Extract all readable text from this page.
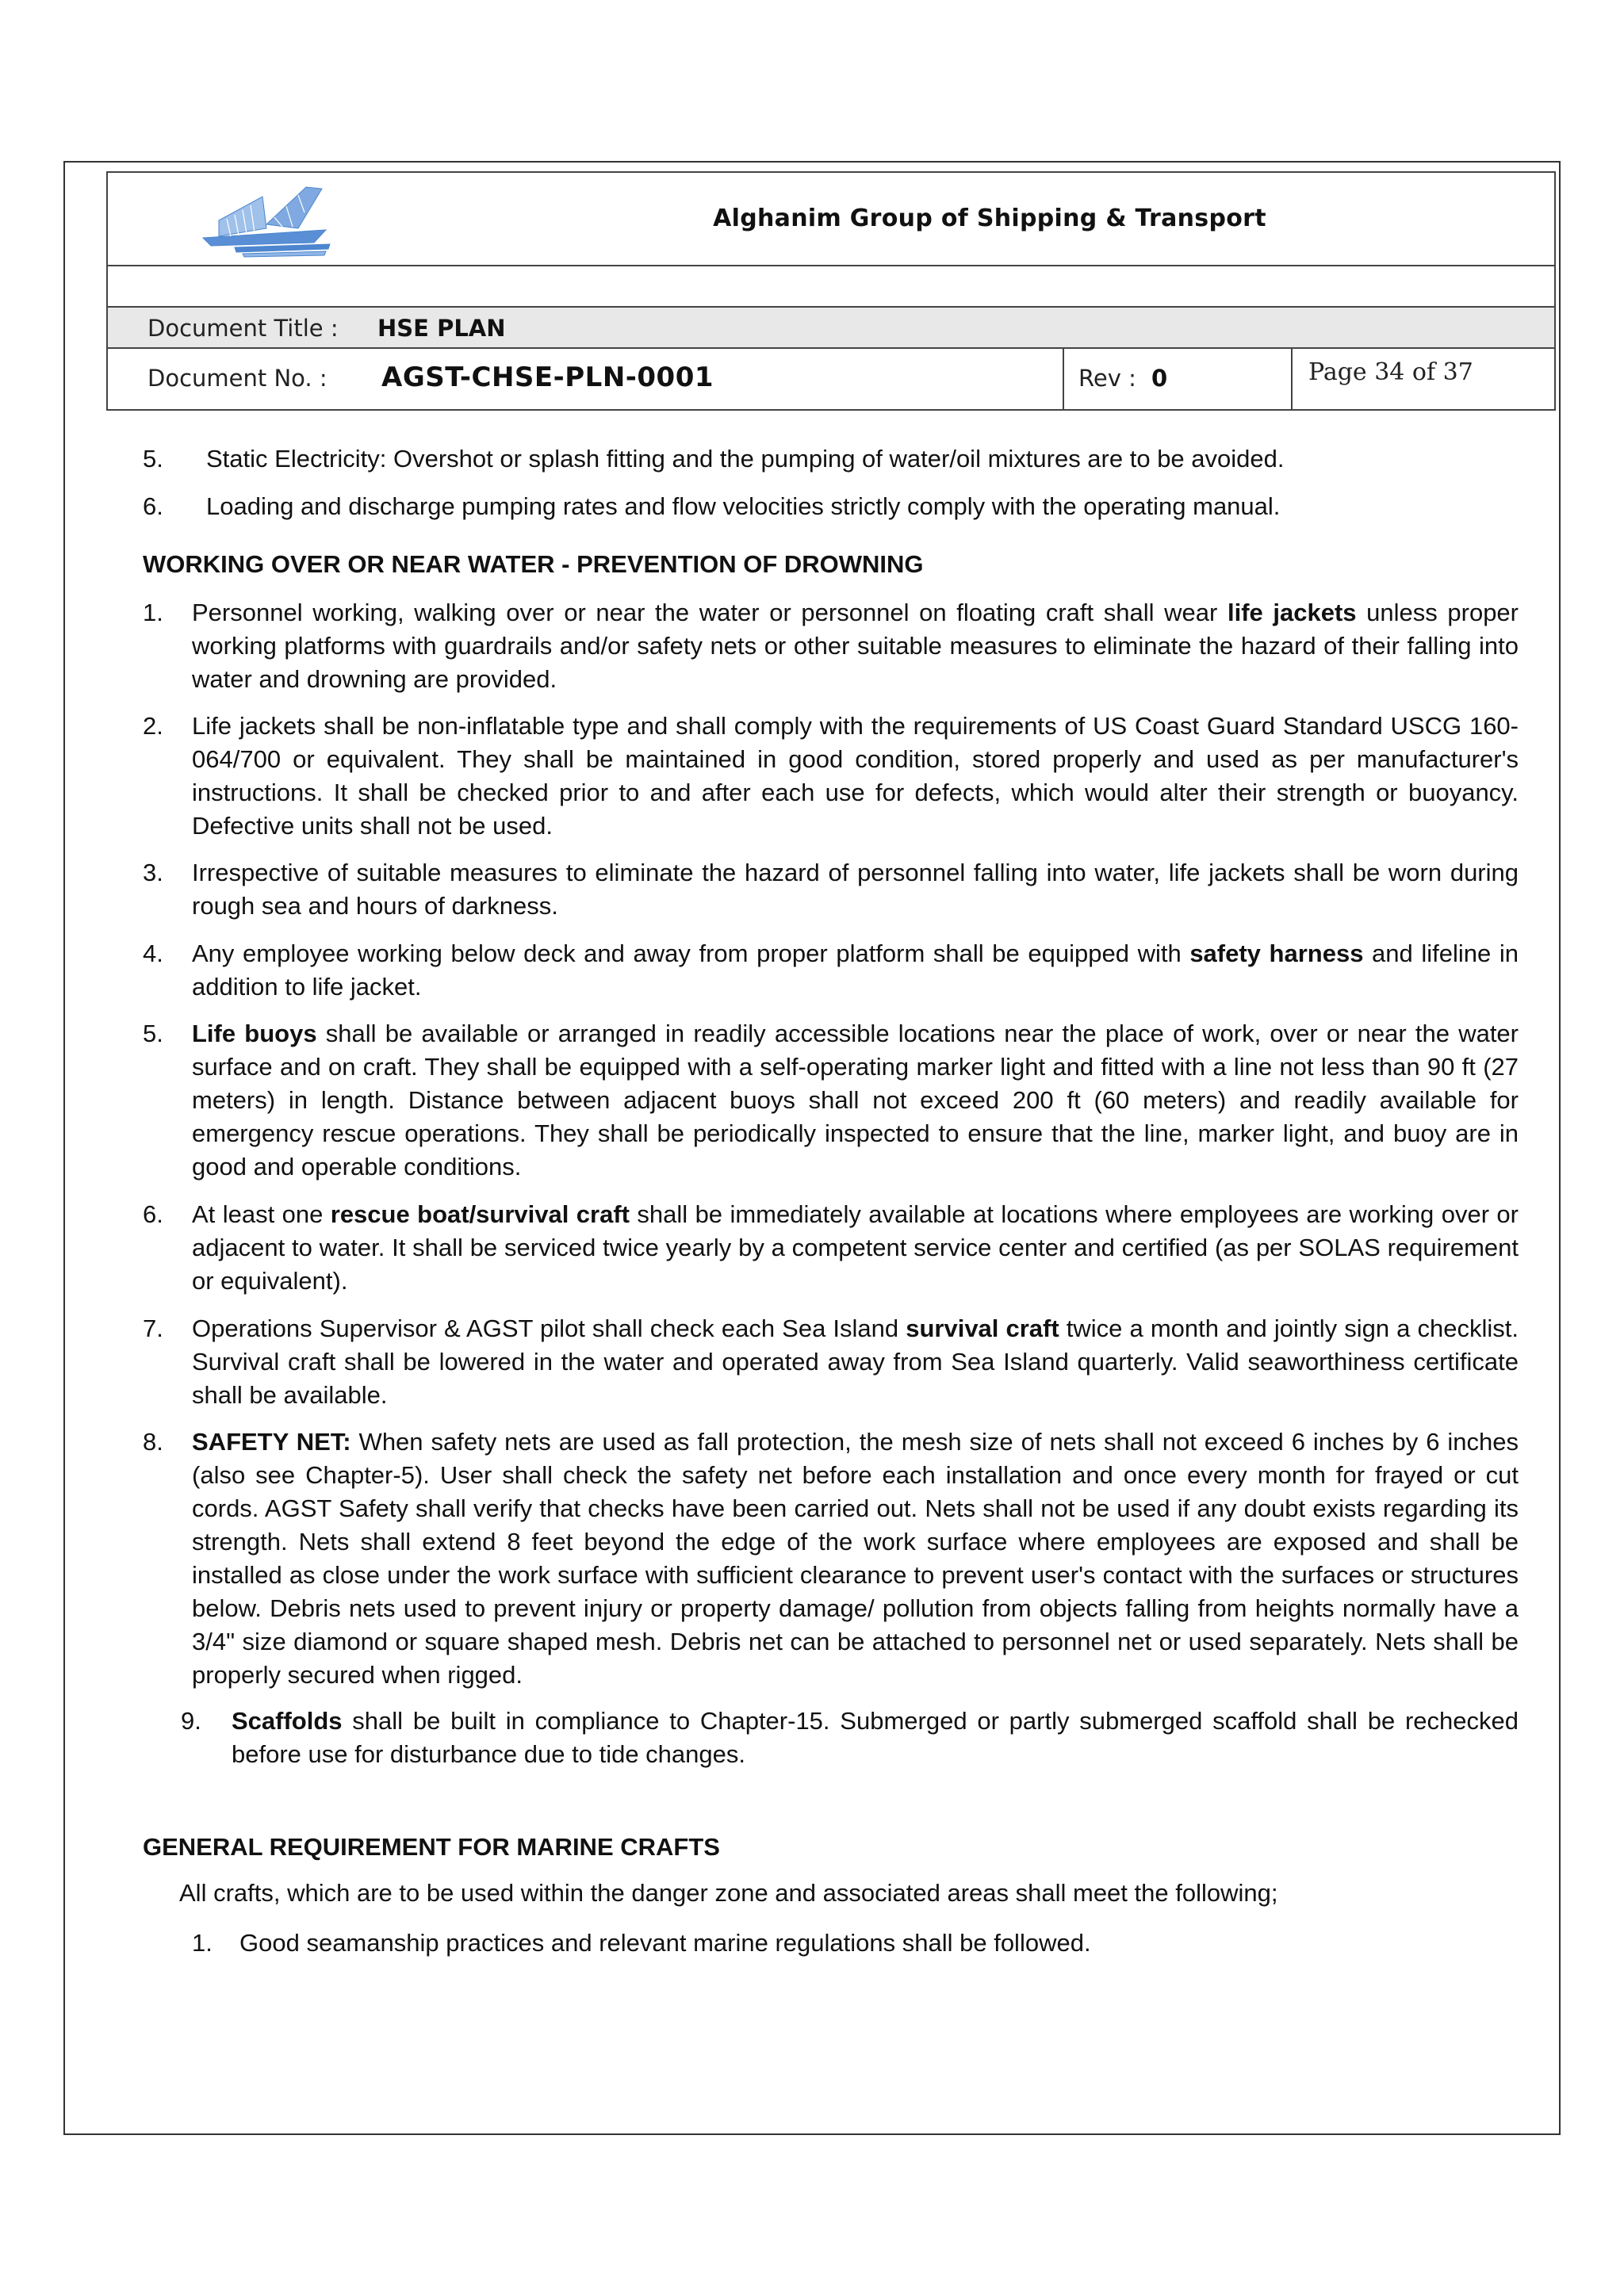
Alghanim Group of Shipping & Transport
Document Title : HSE PLAN
Document No. : AGST-CHSE-PLN-0001	Rev : 0	Page 34 of 37
5. Static Electricity: Overshot or splash fitting and the pumping of water/oil mixtures are to be avoided.
6. Loading and discharge pumping rates and flow velocities strictly comply with the operating manual.
WORKING OVER OR NEAR WATER - PREVENTION OF DROWNING
1. Personnel working, walking over or near the water or personnel on floating craft shall wear life jackets unless proper working platforms with guardrails and/or safety nets or other suitable measures to eliminate the hazard of their falling into water and drowning are provided.
2. Life jackets shall be non-inflatable type and shall comply with the requirements of US Coast Guard Standard USCG 160-064/700 or equivalent. They shall be maintained in good condition, stored properly and used as per manufacturer's instructions. It shall be checked prior to and after each use for defects, which would alter their strength or buoyancy. Defective units shall not be used.
3. Irrespective of suitable measures to eliminate the hazard of personnel falling into water, life jackets shall be worn during rough sea and hours of darkness.
4. Any employee working below deck and away from proper platform shall be equipped with safety harness and lifeline in addition to life jacket.
5. Life buoys shall be available or arranged in readily accessible locations near the place of work, over or near the water surface and on craft. They shall be equipped with a self-operating marker light and fitted with a line not less than 90 ft (27 meters) in length. Distance between adjacent buoys shall not exceed 200 ft (60 meters) and readily available for emergency rescue operations. They shall be periodically inspected to ensure that the line, marker light, and buoy are in good and operable conditions.
6. At least one rescue boat/survival craft shall be immediately available at locations where employees are working over or adjacent to water. It shall be serviced twice yearly by a competent service center and certified (as per SOLAS requirement or equivalent).
7. Operations Supervisor & AGST pilot shall check each Sea Island survival craft twice a month and jointly sign a checklist. Survival craft shall be lowered in the water and operated away from Sea Island quarterly. Valid seaworthiness certificate shall be available.
8. SAFETY NET: When safety nets are used as fall protection, the mesh size of nets shall not exceed 6 inches by 6 inches (also see Chapter-5). User shall check the safety net before each installation and once every month for frayed or cut cords. AGST Safety shall verify that checks have been carried out. Nets shall not be used if any doubt exists regarding its strength. Nets shall extend 8 feet beyond the edge of the work surface where employees are exposed and shall be installed as close under the work surface with sufficient clearance to prevent user's contact with the surfaces or structures below. Debris nets used to prevent injury or property damage/ pollution from objects falling from heights normally have a 3/4" size diamond or square shaped mesh. Debris net can be attached to personnel net or used separately. Nets shall be properly secured when rigged.
9. Scaffolds shall be built in compliance to Chapter-15. Submerged or partly submerged scaffold shall be rechecked before use for disturbance due to tide changes.
GENERAL REQUIREMENT FOR MARINE CRAFTS
All crafts, which are to be used within the danger zone and associated areas shall meet the following;
1. Good seamanship practices and relevant marine regulations shall be followed.
